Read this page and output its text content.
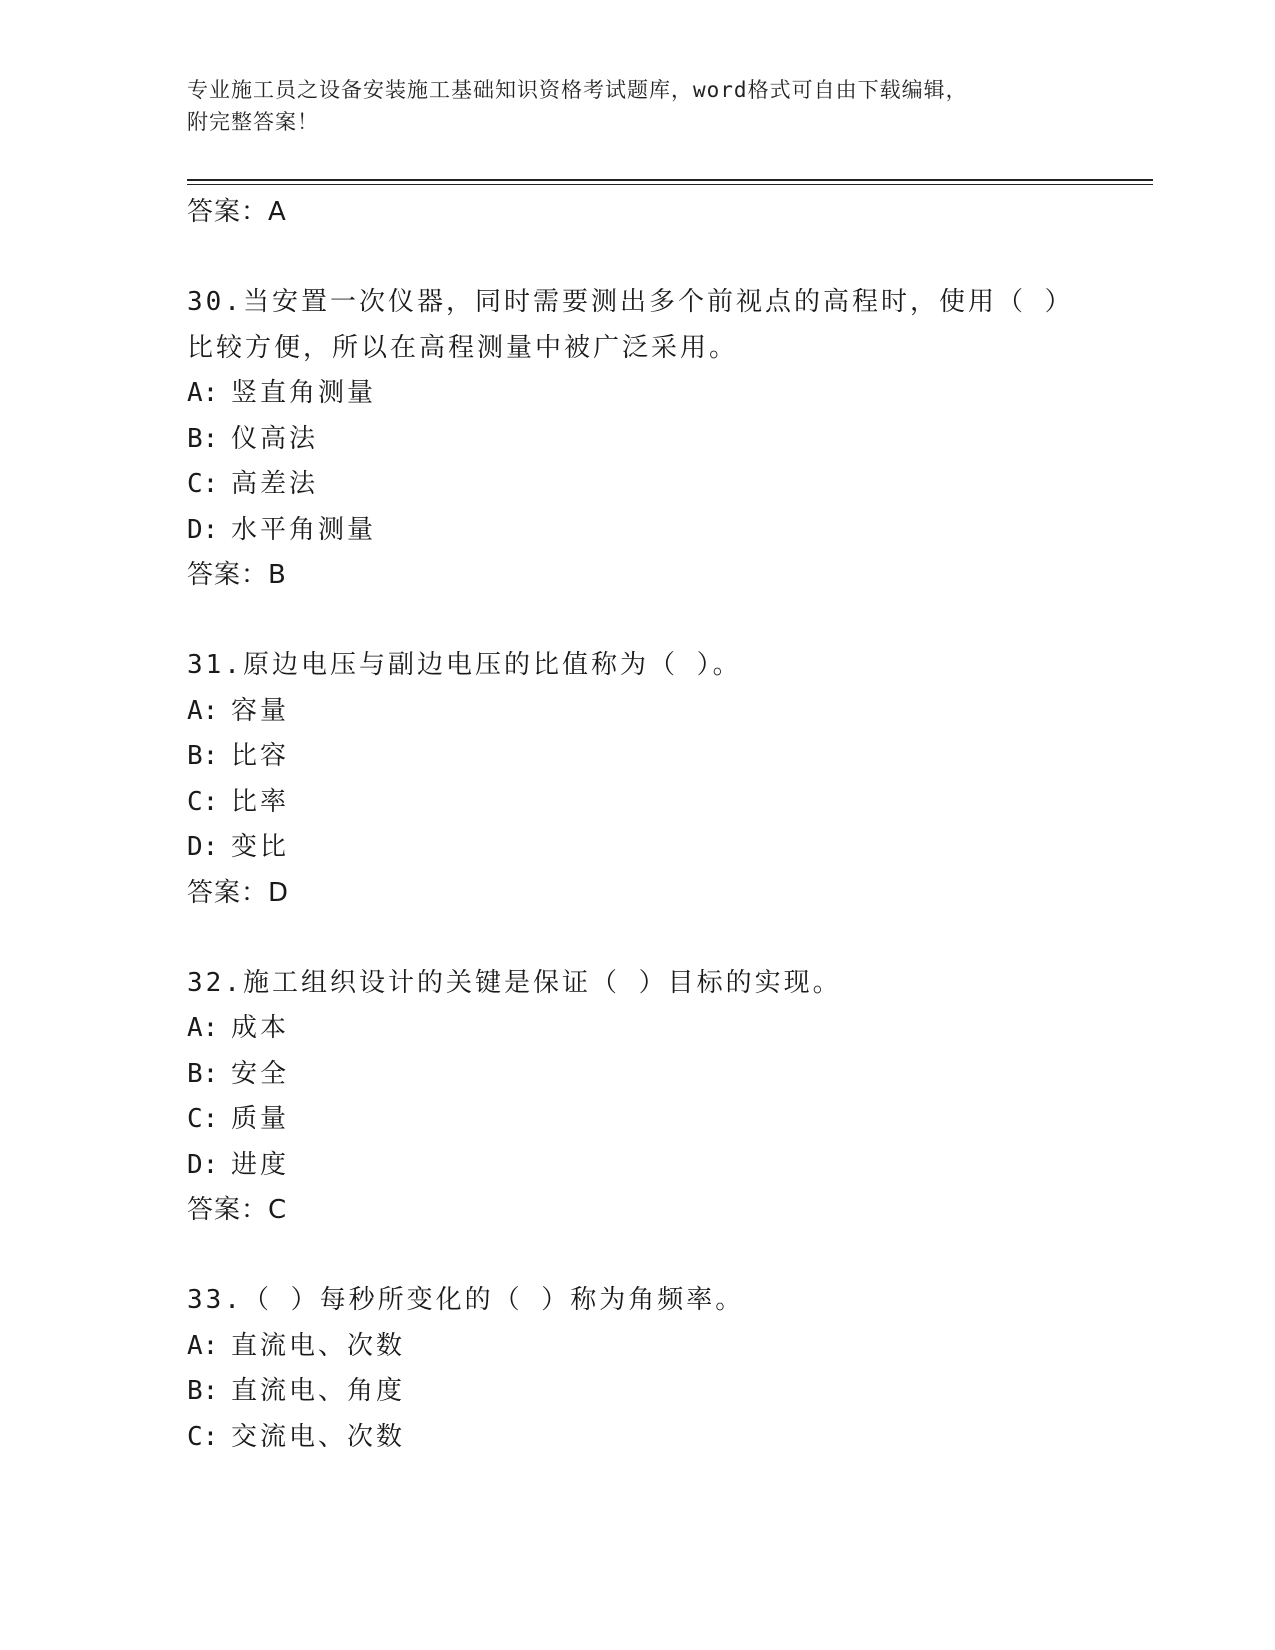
专业施工员之设备安装施工基础知识资格考试题库，word格式可自由下载编辑，
附完整答案！
答案：A
30.当安置一次仪器，同时需要测出多个前视点的高程时，使用（ ）
比较方便，所以在高程测量中被广泛采用。
A: 竖直角测量
B: 仪高法
C: 高差法
D: 水平角测量
答案：B
31.原边电压与副边电压的比值称为（ ）。
A: 容量
B: 比容
C: 比率
D: 变比
答案：D
32.施工组织设计的关键是保证（ ）目标的实现。
A: 成本
B: 安全
C: 质量
D: 进度
答案：C
33.（ ）每秒所变化的（ ）称为角频率。
A: 直流电、次数
B: 直流电、角度
C: 交流电、次数
